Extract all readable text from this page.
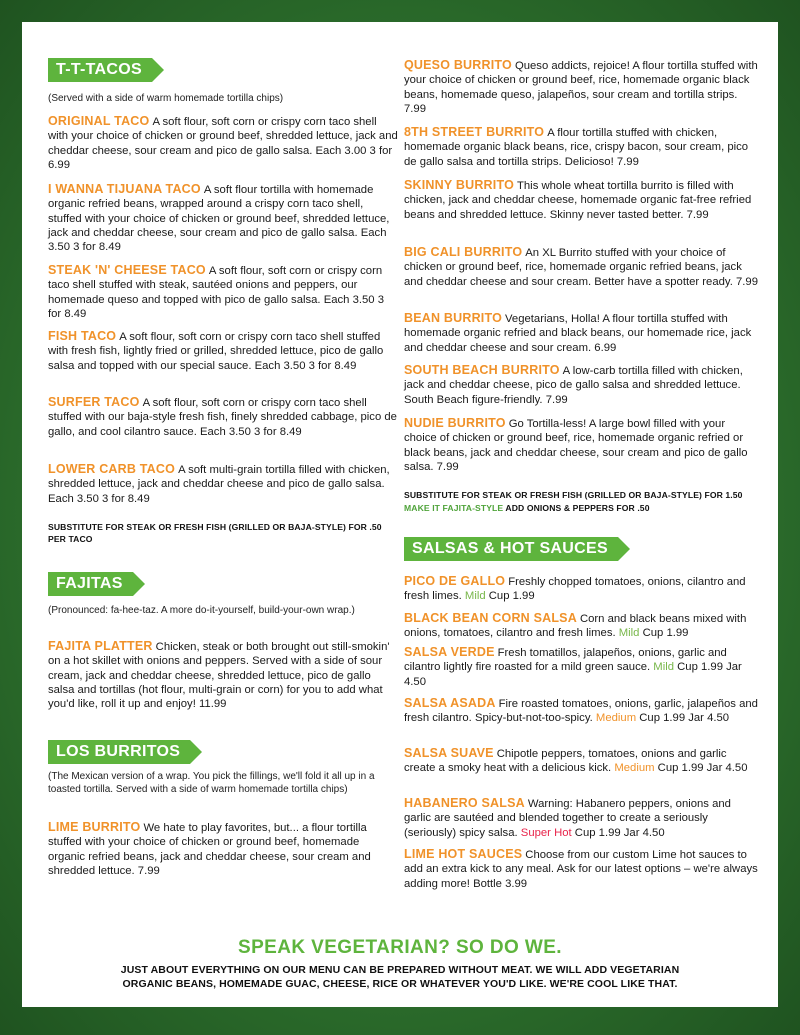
T-T-TACOS
(Served with a side of warm homemade tortilla chips)

ORIGINAL TACO A soft flour, soft corn or crispy corn taco shell with your choice of chicken or ground beef, shredded lettuce, jack and cheddar cheese, sour cream and pico de gallo salsa. Each 3.00 3 for 6.99

I WANNA TIJUANA TACO A soft flour tortilla with homemade organic refried beans, wrapped around a crispy corn taco shell, stuffed with your choice of chicken or ground beef, shredded lettuce, jack and cheddar cheese, sour cream and pico de gallo salsa. Each 3.50 3 for 8.49

STEAK 'N' CHEESE TACO A soft flour, soft corn or crispy corn taco shell stuffed with steak, sautéed onions and peppers, our homemade queso and topped with pico de gallo salsa. Each 3.50 3 for 8.49

FISH TACO A soft flour, soft corn or crispy corn taco shell stuffed with fresh fish, lightly fried or grilled, shredded lettuce, pico de gallo salsa and topped with our special sauce. Each 3.50 3 for 8.49

SURFER TACO A soft flour, soft corn or crispy corn taco shell stuffed with our baja-style fresh fish, finely shredded cabbage, pico de gallo, and cool cilantro sauce. Each 3.50 3 for 8.49

LOWER CARB TACO A soft multi-grain tortilla filled with chicken, shredded lettuce, jack and cheddar cheese and pico de gallo salsa. Each 3.50 3 for 8.49

SUBSTITUTE FOR STEAK OR FRESH FISH (GRILLED OR BAJA-STYLE) FOR .50 PER TACO
FAJITAS
(Pronounced: fa-hee-taz. A more do-it-yourself, build-your-own wrap.)

FAJITA PLATTER Chicken, steak or both brought out still-smokin' on a hot skillet with onions and peppers. Served with a side of sour cream, jack and cheddar cheese, shredded lettuce, pico de gallo salsa and tortillas (hot flour, multi-grain or corn) for you to add what you'd like, roll it up and enjoy! 11.99

LOS BURRITOS
(The Mexican version of a wrap. You pick the fillings, we'll fold it all up in a toasted tortilla. Served with a side of warm homemade tortilla chips)

LIME BURRITO We hate to play favorites, but... a flour tortilla stuffed with your choice of chicken or ground beef, homemade organic refried beans, jack and cheddar cheese, sour cream and shredded lettuce. 7.99

QUESO BURRITO Queso addicts, rejoice! A flour tortilla stuffed with your choice of chicken or ground beef, rice, homemade organic black beans, homemade queso, jalapeños, sour cream and tortilla strips. 7.99

8TH STREET BURRITO A flour tortilla stuffed with chicken, homemade organic black beans, rice, crispy bacon, sour cream, pico de gallo salsa and tortilla strips. Delicioso! 7.99

SKINNY BURRITO This whole wheat tortilla burrito is filled with chicken, jack and cheddar cheese, homemade organic fat-free refried beans and shredded lettuce. Skinny never tasted better. 7.99

BIG CALI BURRITO An XL Burrito stuffed with your choice of chicken or ground beef, rice, homemade organic refried beans, jack and cheddar cheese and sour cream. Better have a spotter ready. 7.99

BEAN BURRITO Vegetarians, Holla! A flour tortilla stuffed with homemade organic refried and black beans, our homemade rice, jack and cheddar cheese and sour cream. 6.99

SOUTH BEACH BURRITO A low-carb tortilla filled with chicken, jack and cheddar cheese, pico de gallo salsa and shredded lettuce. South Beach figure-friendly. 7.99

NUDIE BURRITO Go Tortilla-less! A large bowl filled with your choice of chicken or ground beef, rice, homemade organic refried or black beans, jack and cheddar cheese, sour cream and pico de gallo salsa. 7.99

SUBSTITUTE FOR STEAK OR FRESH FISH (GRILLED OR BAJA-STYLE) FOR 1.50
MAKE IT FAJITA-STYLE ADD ONIONS & PEPPERS FOR .50
SALSAS & HOT SAUCES

PICO DE GALLO Freshly chopped tomatoes, onions, cilantro and fresh limes. Mild Cup 1.99

BLACK BEAN CORN SALSA Corn and black beans mixed with onions, tomatoes, cilantro and fresh limes. Mild Cup 1.99

SALSA VERDE Fresh tomatillos, jalapeños, onions, garlic and cilantro lightly fire roasted for a mild green sauce. Mild Cup 1.99 Jar 4.50

SALSA ASADA Fire roasted tomatoes, onions, garlic, jalapeños and fresh cilantro. Spicy-but-not-too-spicy. Medium Cup 1.99 Jar 4.50

SALSA SUAVE Chipotle peppers, tomatoes, onions and garlic create a smoky heat with a delicious kick. Medium Cup 1.99 Jar 4.50

HABANERO SALSA Warning: Habanero peppers, onions and garlic are sautéed and blended together to create a seriously (seriously) spicy salsa. Super Hot Cup 1.99 Jar 4.50

LIME HOT SAUCES Choose from our custom Lime hot sauces to add an extra kick to any meal. Ask for our latest options – we're always adding more! Bottle 3.99

SPEAK VEGETARIAN? SO DO WE.
JUST ABOUT EVERYTHING ON OUR MENU CAN BE PREPARED WITHOUT MEAT. WE WILL ADD VEGETARIAN
ORGANIC BEANS, HOMEMADE GUAC, CHEESE, RICE OR WHATEVER YOU'D LIKE. WE'RE COOL LIKE THAT.
